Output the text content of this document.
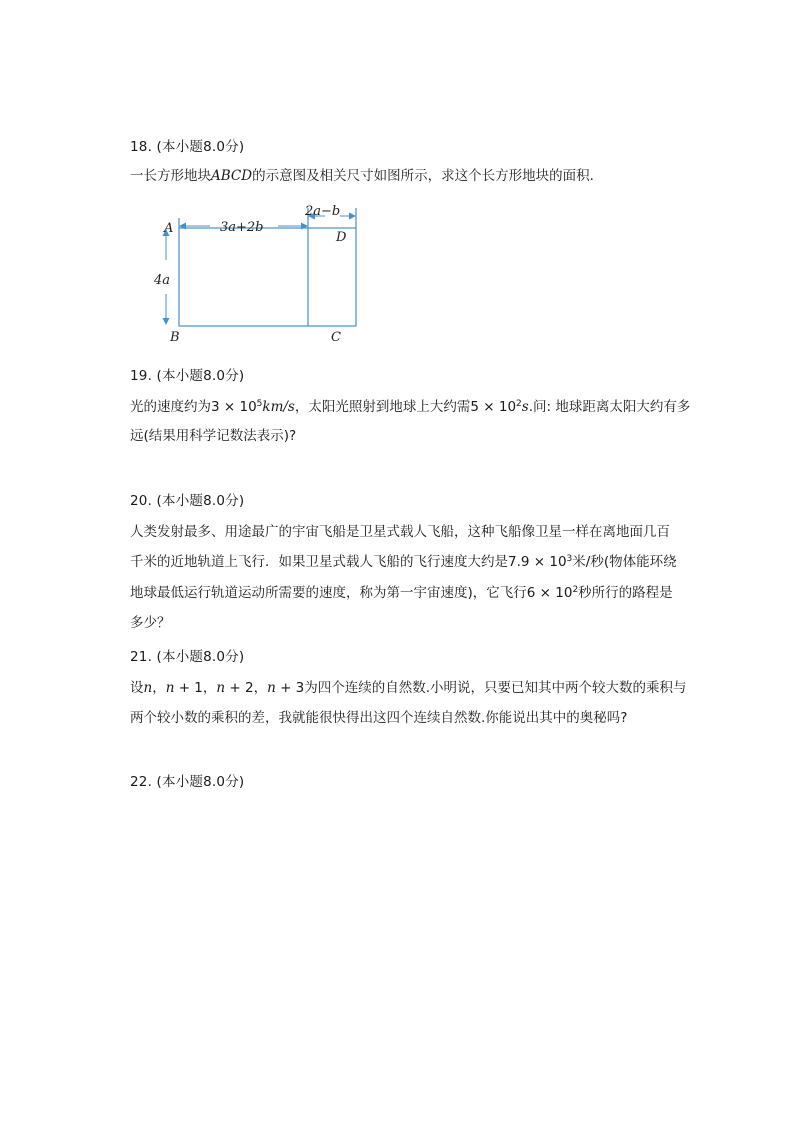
18. (本小题8.0分)
一长方形地块ABCD的示意图及相关尺寸如图所示，求这个长方形地块的面积．
A
B	C
D
3a+2b
2a−b
4a
19. (本小题8.0分)
光的速度约为$3 \times 10^5km/s$，太阳光照射到地球上大约需$5 \times 10^2s$.问: 地球距离太阳大约有多
远(结果用科学记数法表示)?
20. (本小题8.0分)
人类发射最多、用途最广的宇宙飞船是卫星式载人飞船，这种飞船像卫星一样在离地面几百
千米的近地轨道上飞行．如果卫星式载人飞船的飞行速度大约是$7.9 \times 10^3$米/秒(物体能环绕
地球最低运行轨道运动所需要的速度，称为第一宇宙速度)，它飞行$6 \times 10^2$秒所行的路程是
多少？
21. (本小题8.0分)
设n，n + 1，n + 2，n + 3为四个连续的自然数.小明说，只要已知其中两个较大数的乘积与
两个较小数的乘积的差，我就能很快得出这四个连续自然数.你能说出其中的奥秘吗?
22. (本小题8.0分)
